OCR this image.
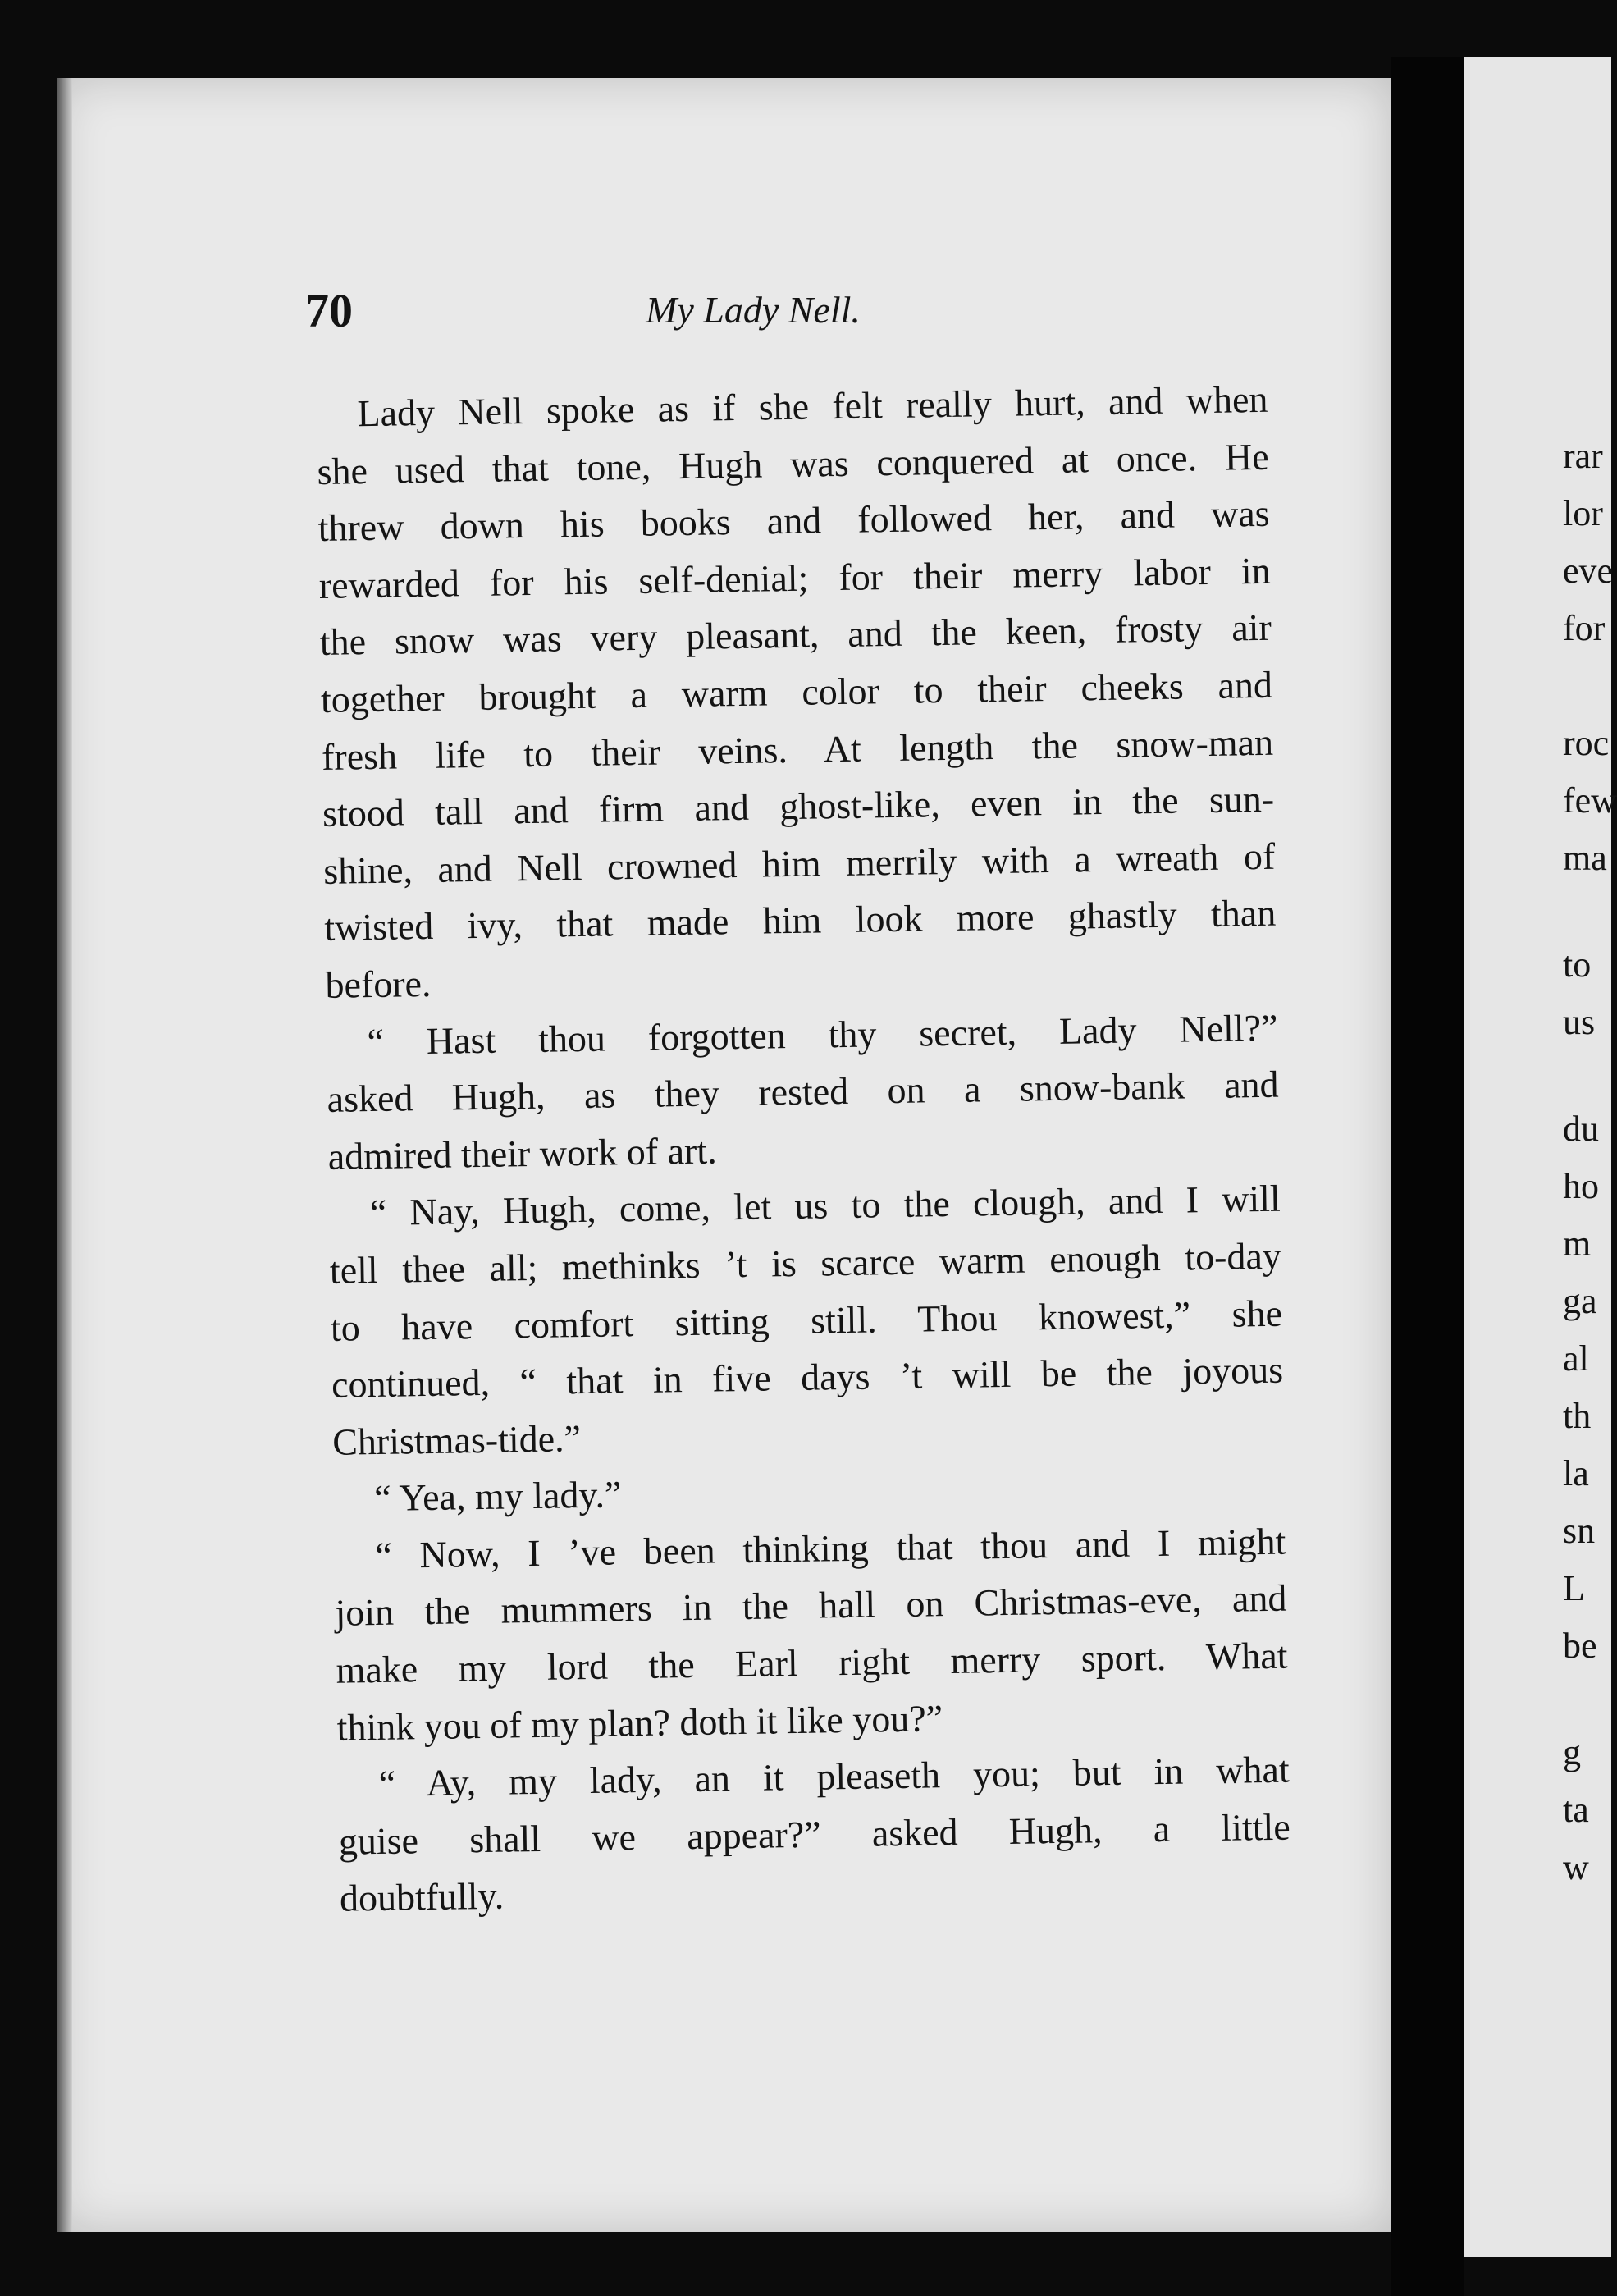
70	My Lady Nell.
Lady Nell spoke as if she felt really hurt, and when
she used that tone, Hugh was conquered at once. He
threw down his books and followed her, and was
rewarded for his self-denial; for their merry labor in
the snow was very pleasant, and the keen, frosty air
together brought a warm color to their cheeks and
fresh life to their veins. At length the snow-man
stood tall and firm and ghost-like, even in the sun-
shine, and Nell crowned him merrily with a wreath of
twisted ivy, that made him look more ghastly than
before.
“ Hast thou forgotten thy secret, Lady Nell?”
asked Hugh, as they rested on a snow-bank and
admired their work of art.
“ Nay, Hugh, come, let us to the clough, and I will
tell thee all; methinks ’t is scarce warm enough to-day
to have comfort sitting still. Thou knowest,” she
continued, “ that in five days ’t will be the joyous
Christmas-tide.”
“ Yea, my lady.”
“ Now, I ’ve been thinking that thou and I might
join the mummers in the hall on Christmas-eve, and
make my lord the Earl right merry sport. What
think you of my plan? doth it like you?”
“ Ay, my lady, an it pleaseth you; but in what
guise shall we appear?” asked Hugh, a little
doubtfully.
rar
lor
eve
for
roc
few
ma
to
us
du
ho
m
ga
al
th
la
sn
L
be
g
ta
w
